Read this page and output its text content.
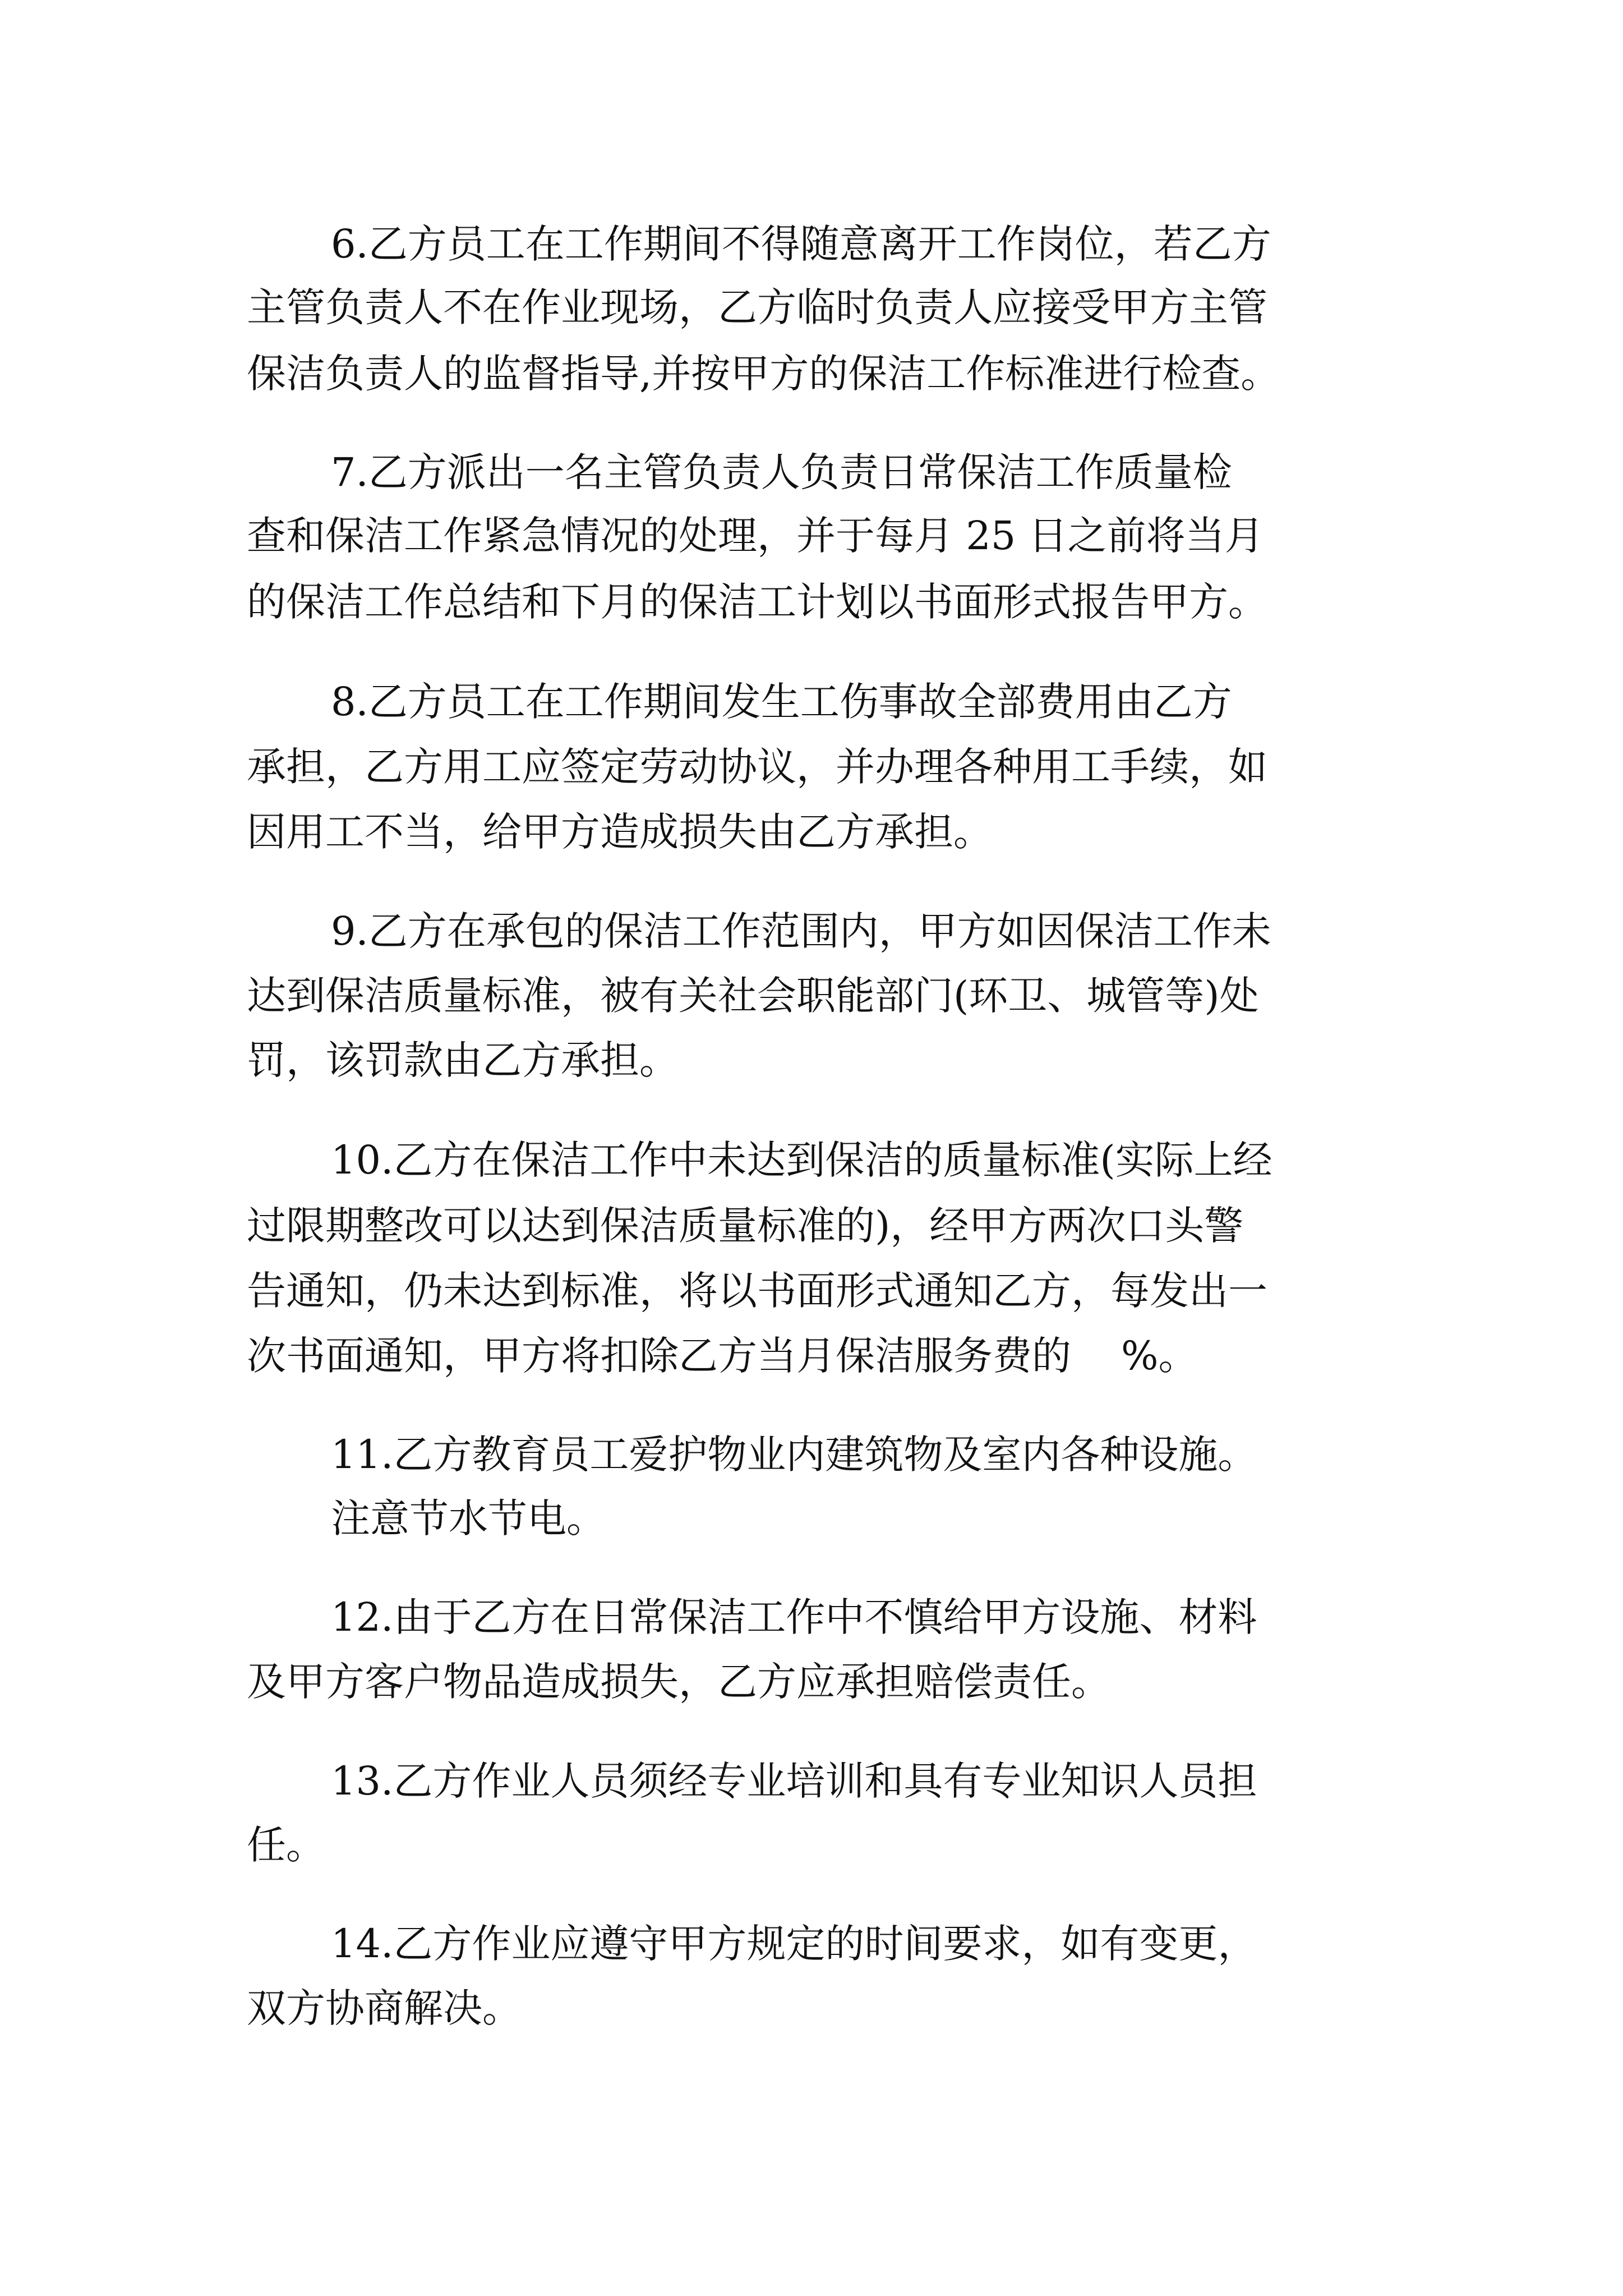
6.乙方员工在工作期间不得随意离开工作岗位，若乙方
主管负责人不在作业现场，乙方临时负责人应接受甲方主管
保洁负责人的监督指导,并按甲方的保洁工作标准进行检查。
7.乙方派出一名主管负责人负责日常保洁工作质量检
查和保洁工作紧急情况的处理，并于每月 25 日之前将当月
的保洁工作总结和下月的保洁工计划以书面形式报告甲方。
8.乙方员工在工作期间发生工伤事故全部费用由乙方
承担，乙方用工应签定劳动协议，并办理各种用工手续，如
因用工不当，给甲方造成损失由乙方承担。
9.乙方在承包的保洁工作范围内，甲方如因保洁工作未
达到保洁质量标准，被有关社会职能部门(环卫、城管等)处
罚，该罚款由乙方承担。
10.乙方在保洁工作中未达到保洁的质量标准(实际上经
过限期整改可以达到保洁质量标准的)，经甲方两次口头警
告通知，仍未达到标准，将以书面形式通知乙方，每发出一
次书面通知，甲方将扣除乙方当月保洁服务费的    %。
11.乙方教育员工爱护物业内建筑物及室内各种设施。
注意节水节电。
12.由于乙方在日常保洁工作中不慎给甲方设施、材料
及甲方客户物品造成损失，乙方应承担赔偿责任。
13.乙方作业人员须经专业培训和具有专业知识人员担
任。
14.乙方作业应遵守甲方规定的时间要求，如有变更，
双方协商解决。
